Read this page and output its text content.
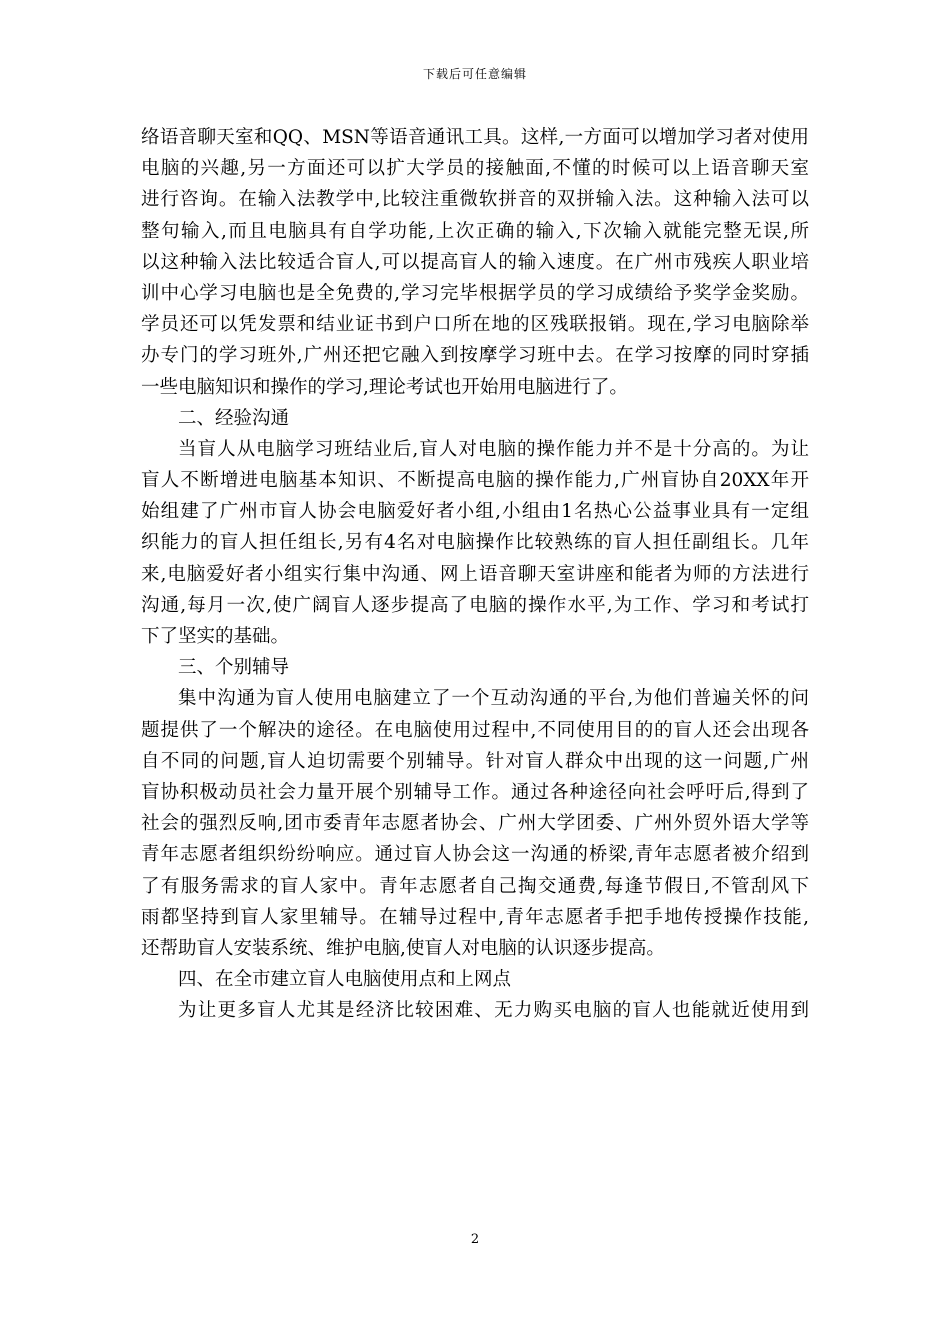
下载后可任意编辑

络语音聊天室和QQ、MSN等语音通讯工具。这样,一方面可以增加学习者对使用
电脑的兴趣,另一方面还可以扩大学员的接触面,不懂的时候可以上语音聊天室
进行咨询。在输入法教学中,比较注重微软拼音的双拼输入法。这种输入法可以
整句输入,而且电脑具有自学功能,上次正确的输入,下次输入就能完整无误,所
以这种输入法比较适合盲人,可以提高盲人的输入速度。在广州市残疾人职业培
训中心学习电脑也是全免费的,学习完毕根据学员的学习成绩给予奖学金奖励。
学员还可以凭发票和结业证书到户口所在地的区残联报销。现在,学习电脑除举
办专门的学习班外,广州还把它融入到按摩学习班中去。在学习按摩的同时穿插
一些电脑知识和操作的学习,理论考试也开始用电脑进行了。

二、经验沟通

当盲人从电脑学习班结业后,盲人对电脑的操作能力并不是十分高的。为让
盲人不断增进电脑基本知识、不断提高电脑的操作能力,广州盲协自20XX年开
始组建了广州市盲人协会电脑爱好者小组,小组由1名热心公益事业具有一定组
织能力的盲人担任组长,另有4名对电脑操作比较熟练的盲人担任副组长。几年
来,电脑爱好者小组实行集中沟通、网上语音聊天室讲座和能者为师的方法进行
沟通,每月一次,使广阔盲人逐步提高了电脑的操作水平,为工作、学习和考试打
下了坚实的基础。

三、个别辅导

集中沟通为盲人使用电脑建立了一个互动沟通的平台,为他们普遍关怀的问
题提供了一个解决的途径。在电脑使用过程中,不同使用目的的盲人还会出现各
自不同的问题,盲人迫切需要个别辅导。针对盲人群众中出现的这一问题,广州
盲协积极动员社会力量开展个别辅导工作。通过各种途径向社会呼吁后,得到了
社会的强烈反响,团市委青年志愿者协会、广州大学团委、广州外贸外语大学等
青年志愿者组织纷纷响应。通过盲人协会这一沟通的桥梁,青年志愿者被介绍到
了有服务需求的盲人家中。青年志愿者自己掏交通费,每逢节假日,不管刮风下
雨都坚持到盲人家里辅导。在辅导过程中,青年志愿者手把手地传授操作技能,
还帮助盲人安装系统、维护电脑,使盲人对电脑的认识逐步提高。

四、在全市建立盲人电脑使用点和上网点

为让更多盲人尤其是经济比较困难、无力购买电脑的盲人也能就近使用到

2
